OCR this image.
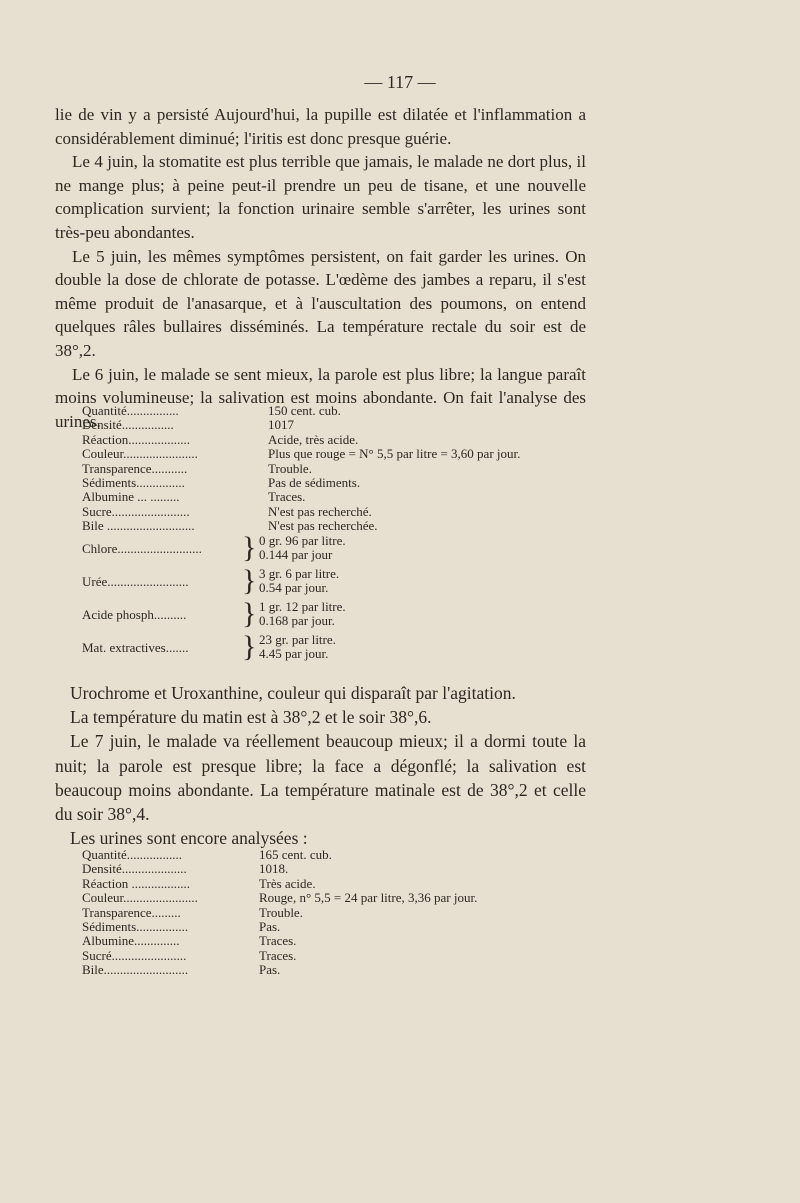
— 117 —
lie de vin y a persisté Aujourd'hui, la pupille est dilatée et l'inflammation a considérablement diminué; l'iritis est donc presque guérie.
Le 4 juin, la stomatite est plus terrible que jamais, le malade ne dort plus, il ne mange plus; à peine peut-il prendre un peu de tisane, et une nouvelle complication survient; la fonction urinaire semble s'arrêter, les urines sont très-peu abondantes.
Le 5 juin, les mêmes symptômes persistent, on fait garder les urines. On double la dose de chlorate de potasse. L'œdème des jambes a reparu, il s'est même produit de l'anasarque, et à l'auscultation des poumons, on entend quelques râles bullaires disséminés. La température rectale du soir est de 38°,2.
Le 6 juin, le malade se sent mieux, la parole est plus libre; la langue paraît moins volumineuse; la salivation est moins abondante. On fait l'analyse des urines.
Quantité................	150 cent. cub.
Densité................	1017
Réaction...................	Acide, très acide.
Couleur.......................	Plus que rouge = N° 5,5 par litre = 3,60 par jour.
Transparence...........	Trouble.
Sédiments...............	Pas de sédiments.
Albumine ... .........	Traces.
Sucre........................	N'est pas recherché.
Bile ...........................	N'est pas recherchée.
Chlore.......................... } 0 gr. 96 par litre.
0.144 par jour
Urée......................... } 3 gr. 6 par litre.
0.54 par jour.
Acide phosph.......... } 1 gr. 12 par litre.
0.168 par jour.
Mat. extractives....... } 23 gr. par litre.
4.45 par jour.
Urochrome et Uroxanthine, couleur qui disparaît par l'agitation.
La température du matin est à 38°,2 et le soir 38°,6.
Le 7 juin, le malade va réellement beaucoup mieux; il a dormi toute la nuit; la parole est presque libre; la face a dégonflé; la salivation est beaucoup moins abondante. La température matinale est de 38°,2 et celle du soir 38°,4.
Les urines sont encore analysées :
Quantité.................	165 cent. cub.
Densité....................	1018.
Réaction ..................	Très acide.
Couleur.......................	Rouge, n° 5,5 = 24 par litre, 3,36 par jour.
Transparence.........	Trouble.
Sédiments................	Pas.
Albumine..............	Traces.
Sucré.......................	Traces.
Bile..........................	Pas.
